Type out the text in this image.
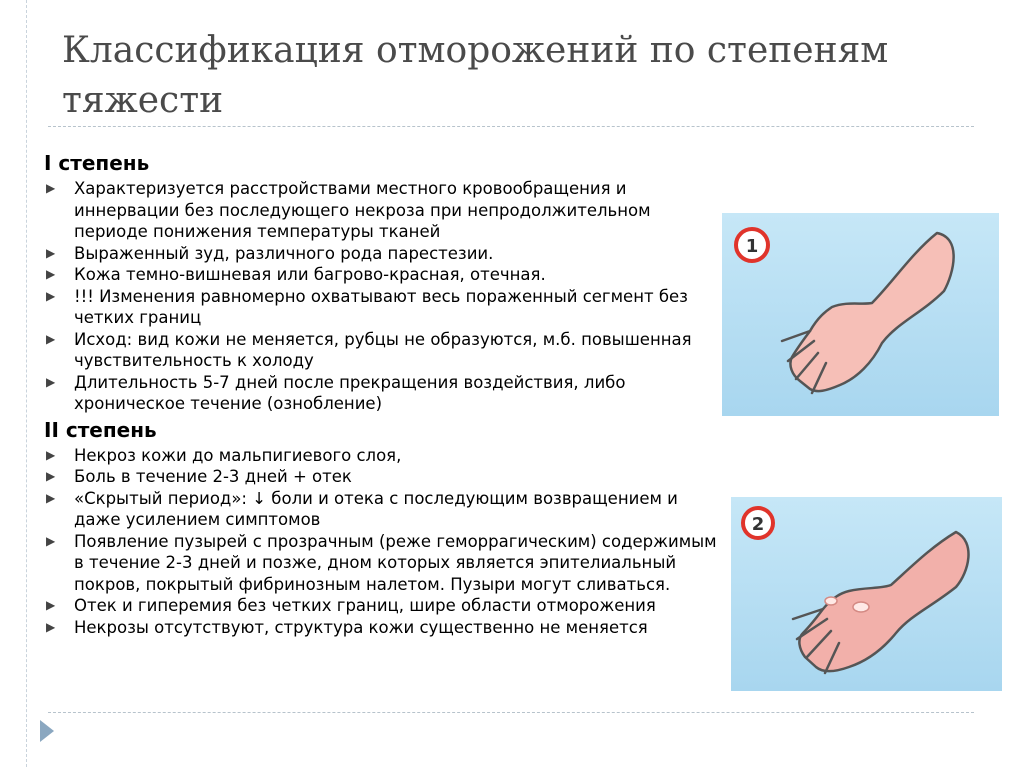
Классификация отморожений по степеням тяжести
I степень
▶ Характеризуется расстройствами местного кровообращения и иннервации без последующего некроза при непродолжительном периоде понижения температуры тканей
▶ Выраженный зуд, различного рода парестезии.
▶ Кожа темно-вишневая или багрово-красная, отечная.
▶ !!! Изменения равномерно охватывают весь пораженный сегмент без четких границ
▶ Исход: вид кожи не меняется, рубцы не образуются, м.б. повышенная чувствительность к холоду
▶ Длительность 5-7 дней после прекращения воздействия, либо хроническое течение (ознобление)
II степень
▶ Некроз кожи до мальпигиевого слоя,
▶ Боль в течение 2-3 дней + отек
▶ «Скрытый период»: ↓ боли и отека с последующим возвращением и даже усилением симптомов
▶ Появление пузырей с прозрачным (реже геморрагическим) содержимым в течение 2-3 дней и позже, дном которых является эпителиальный покров, покрытый фибринозным налетом. Пузыри могут сливаться.
▶ Отек и гиперемия без четких границ, шире области отморожения
▶ Некрозы отсутствуют, структура кожи существенно не меняется
1
2
